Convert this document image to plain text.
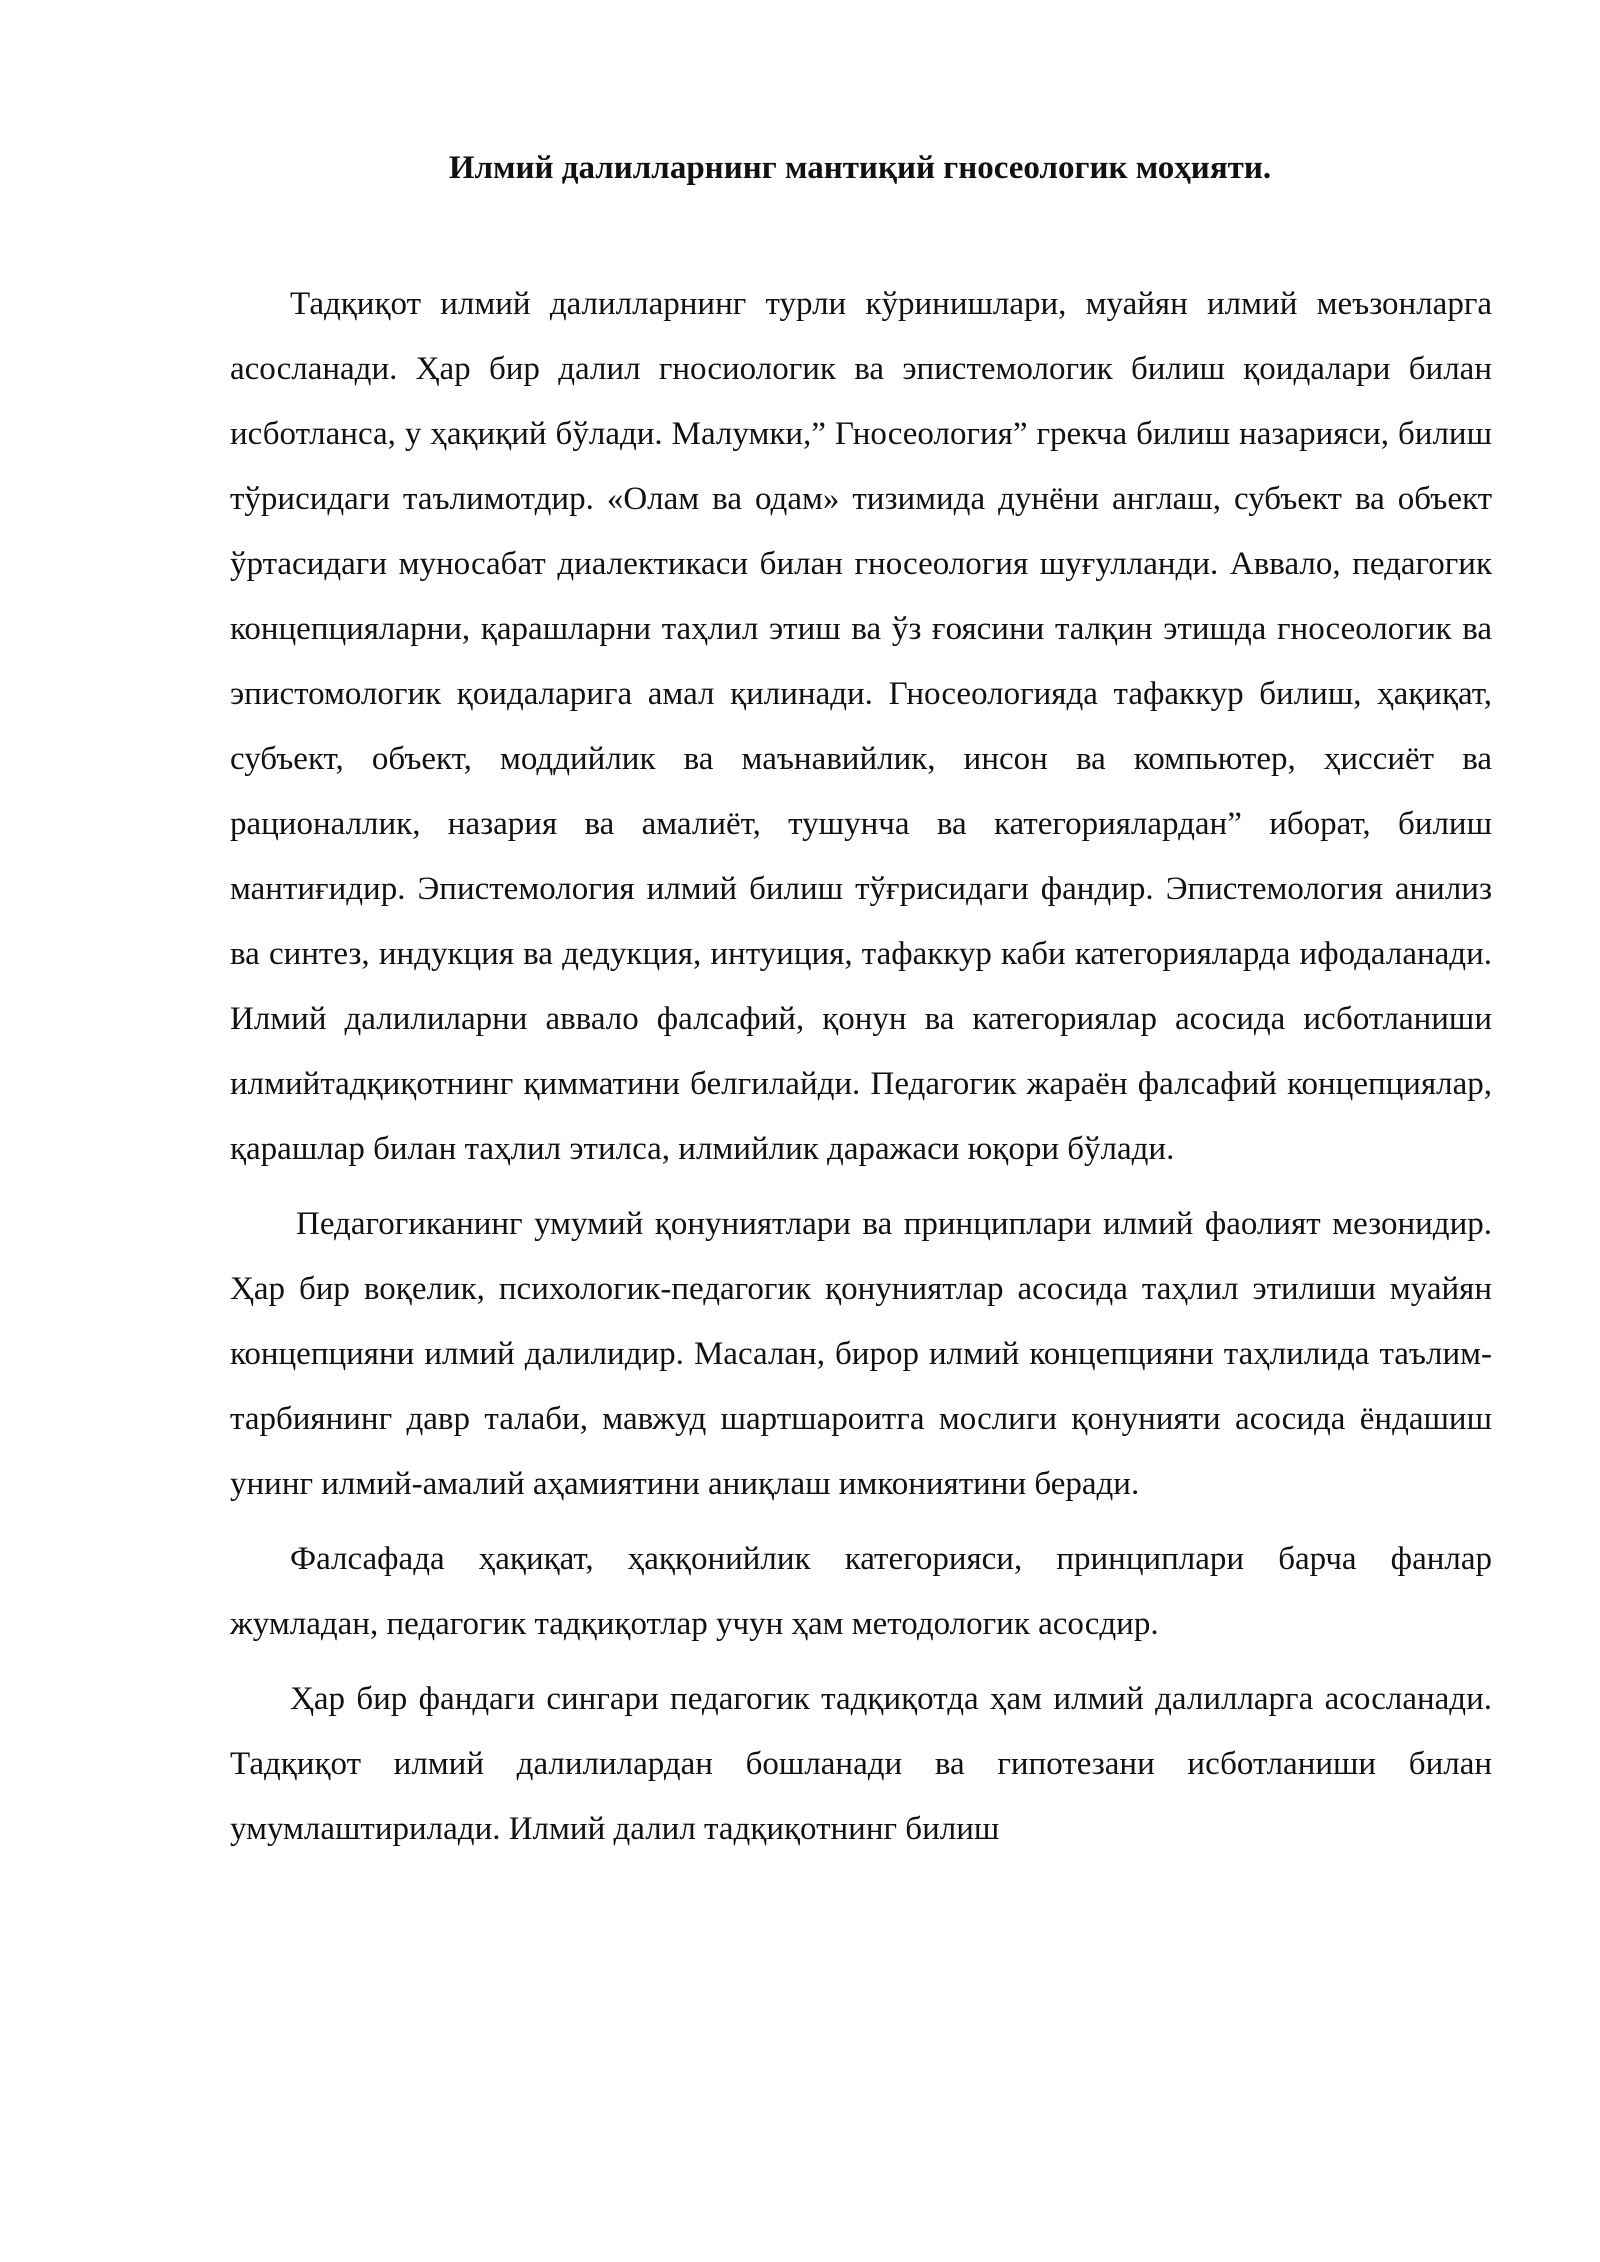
Илмий далилларнинг мантиқий гносеологик моҳияти.

Тадқиқот илмий далилларнинг турли кўринишлари, муайян илмий меъзонларга асосланади. Ҳар бир далил гносиологик ва эпистемологик билиш қоидалари билан исботланса, у ҳақиқий бўлади. Малумки,” Гносеология” грекча билиш назарияси, билиш тўрисидаги таълимотдир. «Олам ва одам» тизимида дунёни англаш, субъект ва объект ўртасидаги муносабат диалектикаси билан гносеология шуғулланди. Аввало, педагогик концепцияларни, қарашларни таҳлил этиш ва ўз ғоясини талқин этишда гносеологик ва эпистомологик қоидаларига амал қилинади. Гносеологияда тафаккур билиш, ҳақиқат, субъект, объект, моддийлик ва маънавийлик, инсон ва компьютер, ҳиссиёт ва рационаллик, назария ва амалиёт, тушунча ва категориялардан” иборат, билиш мантиғидир. Эпистемология илмий билиш тўғрисидаги фандир. Эпистемология анилиз ва синтез, индукция ва дедукция, интуиция, тафаккур каби категорияларда ифодаланади. Илмий далилиларни аввало фалсафий, қонун ва категориялар асосида исботланиши илмийтадқиқотнинг қимматини белгилайди. Педагогик жараён фалсафий концепциялар, қарашлар билан таҳлил этилса, илмийлик даражаси юқори бўлади.

Педагогиканинг умумий қонуниятлари ва принциплари илмий фаолият мезонидир. Ҳар бир воқелик, психологик-педагогик қонуниятлар асосида таҳлил этилиши муайян концепцияни илмий далилидир. Масалан, бирор илмий концепцияни таҳлилида таълим-тарбиянинг давр талаби, мавжуд шартшароитга мослиги қонунияти асосида ёндашиш унинг илмий-амалий аҳамиятини аниқлаш имкониятини беради.

Фалсафада ҳақиқат, ҳаққонийлик категорияси, принциплари барча фанлар жумладан, педагогик тадқиқотлар учун ҳам методологик асосдир.

Ҳар бир фандаги сингари педагогик тадқиқотда ҳам илмий далилларга асосланади. Тадқиқот илмий далилилардан бошланади ва гипотезани исботланиши билан умумлаштирилади. Илмий далил тадқиқотнинг билиш
